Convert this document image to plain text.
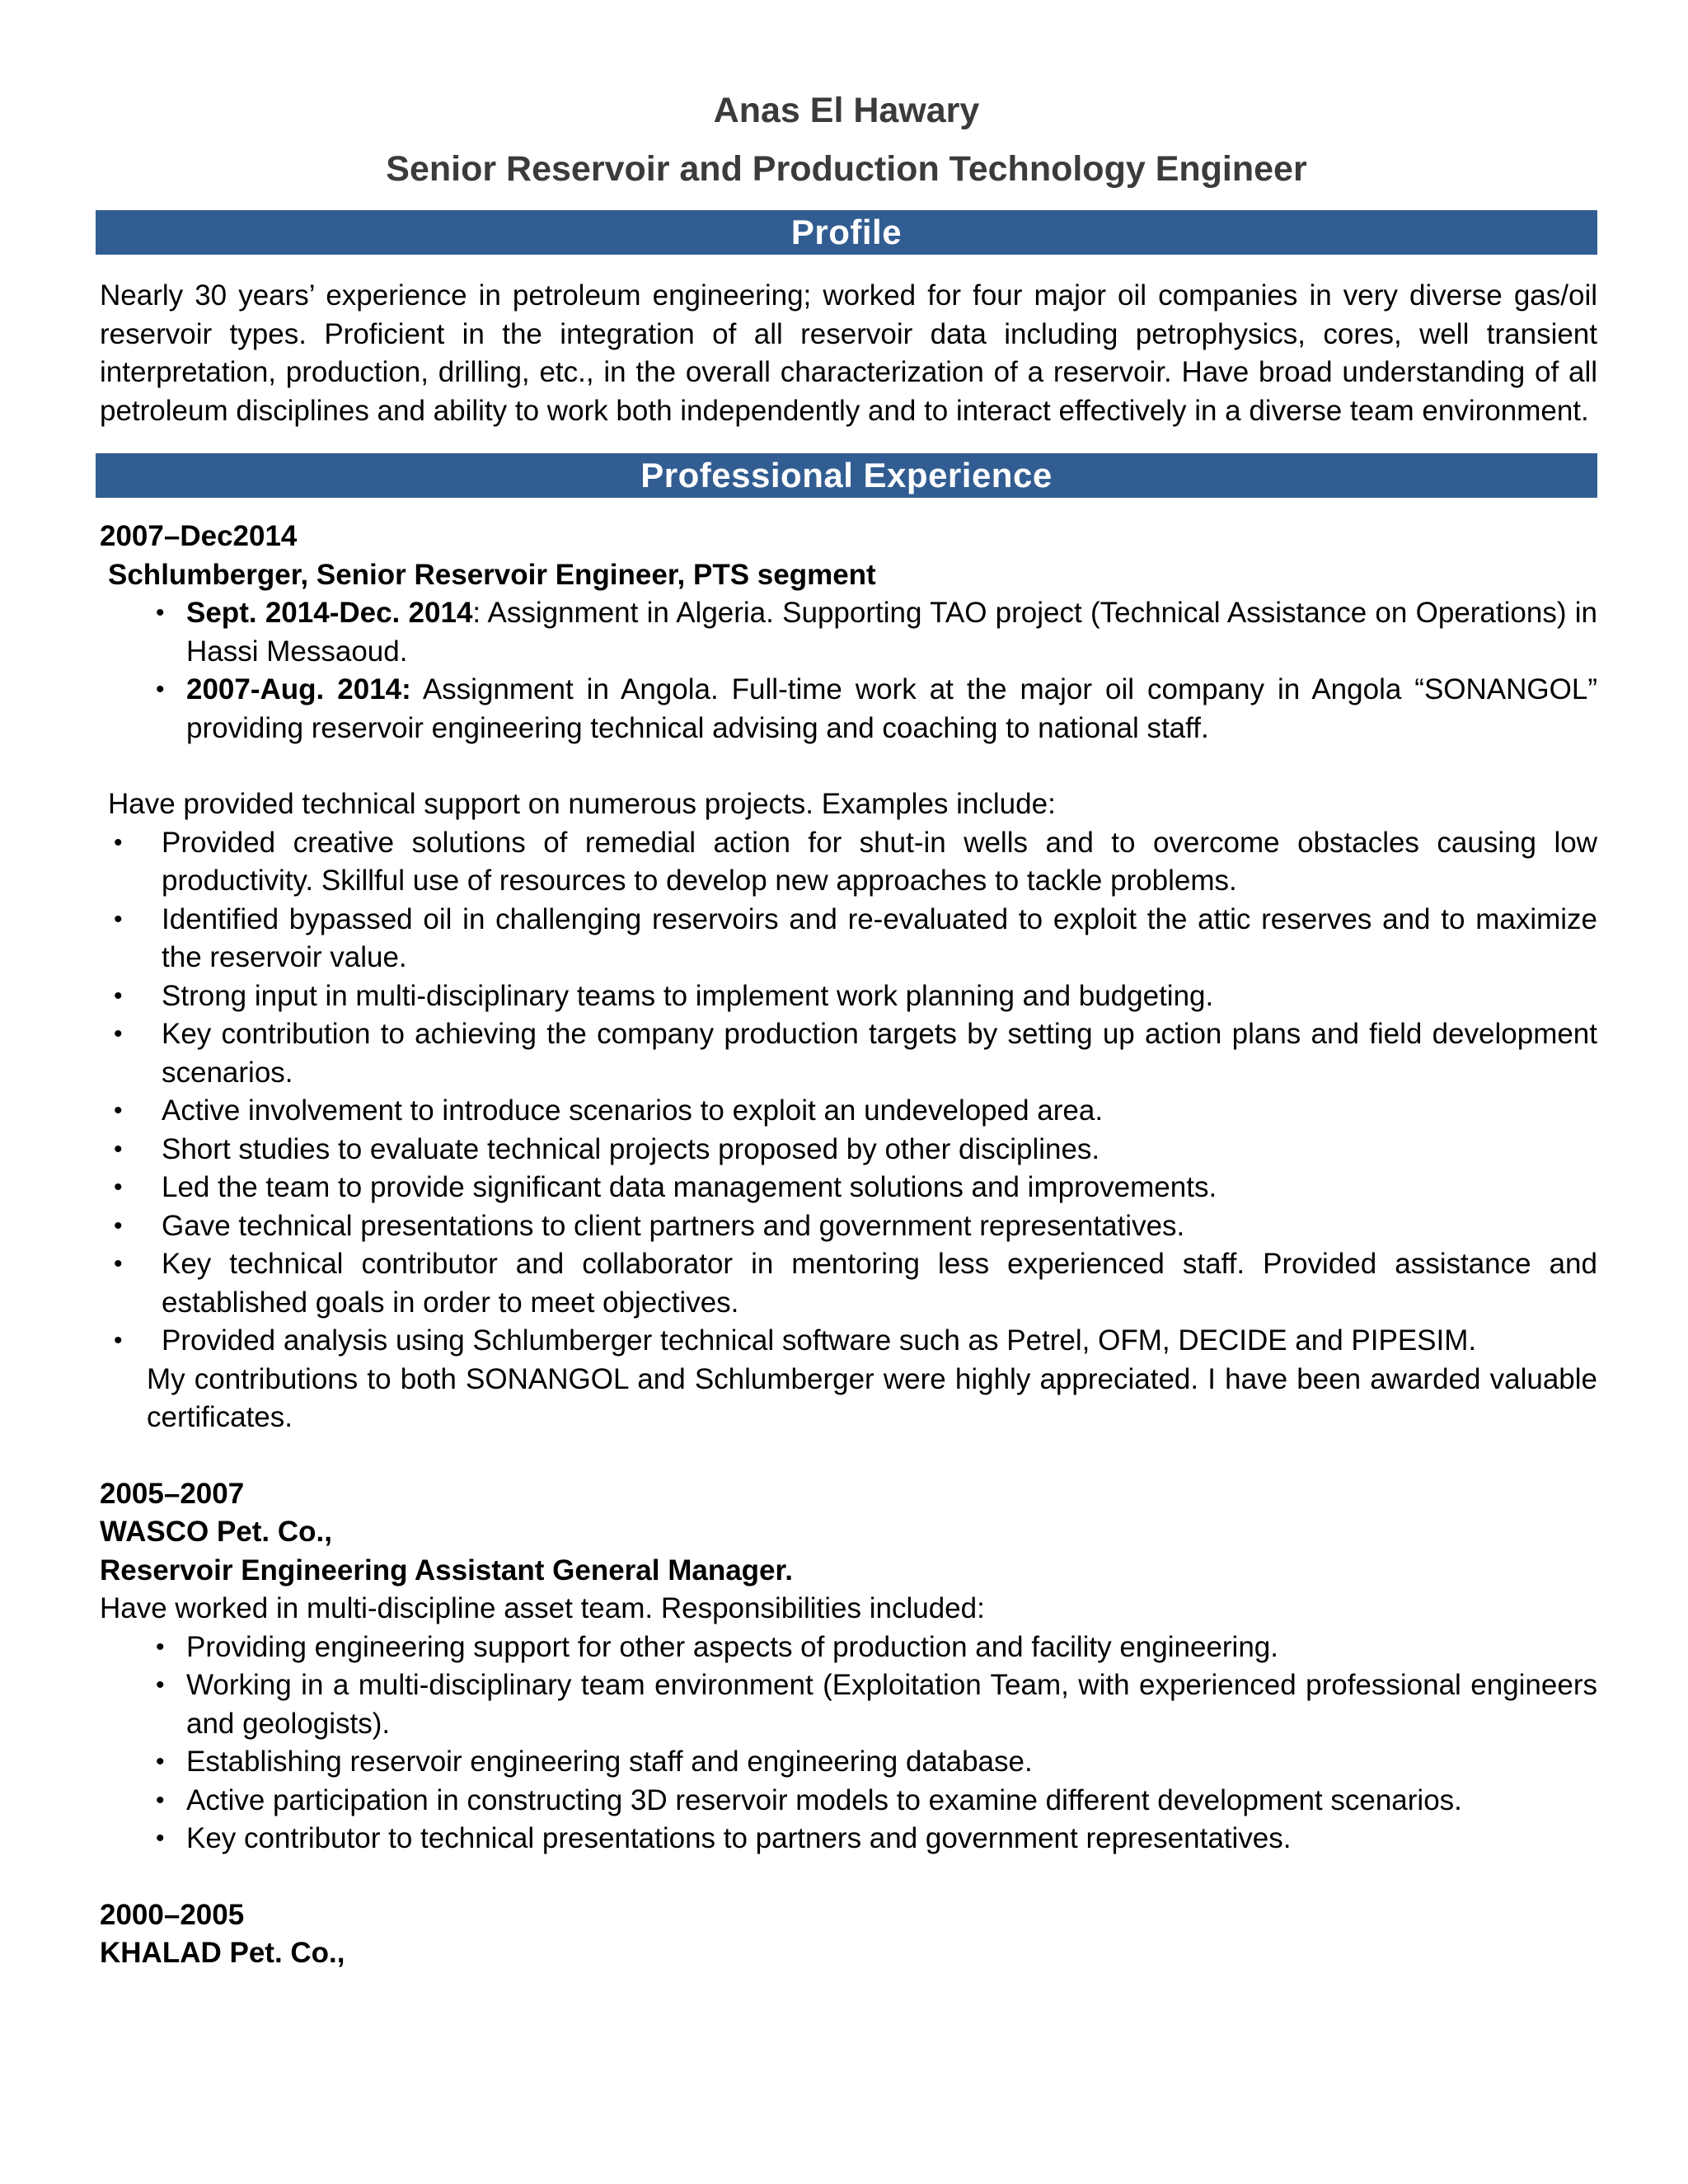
Anas El Hawary
Senior Reservoir and Production Technology Engineer
Profile

Nearly 30 years’ experience in petroleum engineering; worked for four major oil companies in very diverse gas/oil reservoir types. Proficient in the integration of all reservoir data including petrophysics, cores, well transient interpretation, production, drilling, etc., in the overall characterization of a reservoir. Have broad understanding of all petroleum disciplines and ability to work both independently and to interact effectively in a diverse team environment.

Professional Experience

2007–Dec2014

Schlumberger, Senior Reservoir Engineer, PTS segment

• Sept. 2014-Dec. 2014: Assignment in Algeria. Supporting TAO project (Technical Assistance on Operations) in Hassi Messaoud.
• 2007-Aug. 2014: Assignment in Angola. Full-time work at the major oil company in Angola “SONANGOL” providing reservoir engineering technical advising and coaching to national staff.

Have provided technical support on numerous projects. Examples include:

• Provided creative solutions of remedial action for shut-in wells and to overcome obstacles causing low productivity. Skillful use of resources to develop new approaches to tackle problems.
• Identified bypassed oil in challenging reservoirs and re-evaluated to exploit the attic reserves and to maximize the reservoir value.
• Strong input in multi-disciplinary teams to implement work planning and budgeting.
• Key contribution to achieving the company production targets by setting up action plans and field development scenarios.
• Active involvement to introduce scenarios to exploit an undeveloped area.
• Short studies to evaluate technical projects proposed by other disciplines.
• Led the team to provide significant data management solutions and improvements.
• Gave technical presentations to client partners and government representatives.
• Key technical contributor and collaborator in mentoring less experienced staff. Provided assistance and established goals in order to meet objectives.
• Provided analysis using Schlumberger technical software such as Petrel, OFM, DECIDE and PIPESIM.

My contributions to both SONANGOL and Schlumberger were highly appreciated. I have been awarded valuable certificates.

2005–2007

WASCO Pet. Co.,

Reservoir Engineering Assistant General Manager.

Have worked in multi-discipline asset team. Responsibilities included:

• Providing engineering support for other aspects of production and facility engineering.
• Working in a multi-disciplinary team environment (Exploitation Team, with experienced professional engineers and geologists).
• Establishing reservoir engineering staff and engineering database.
• Active participation in constructing 3D reservoir models to examine different development scenarios.
• Key contributor to technical presentations to partners and government representatives.

2000–2005

KHALAD Pet. Co.,
